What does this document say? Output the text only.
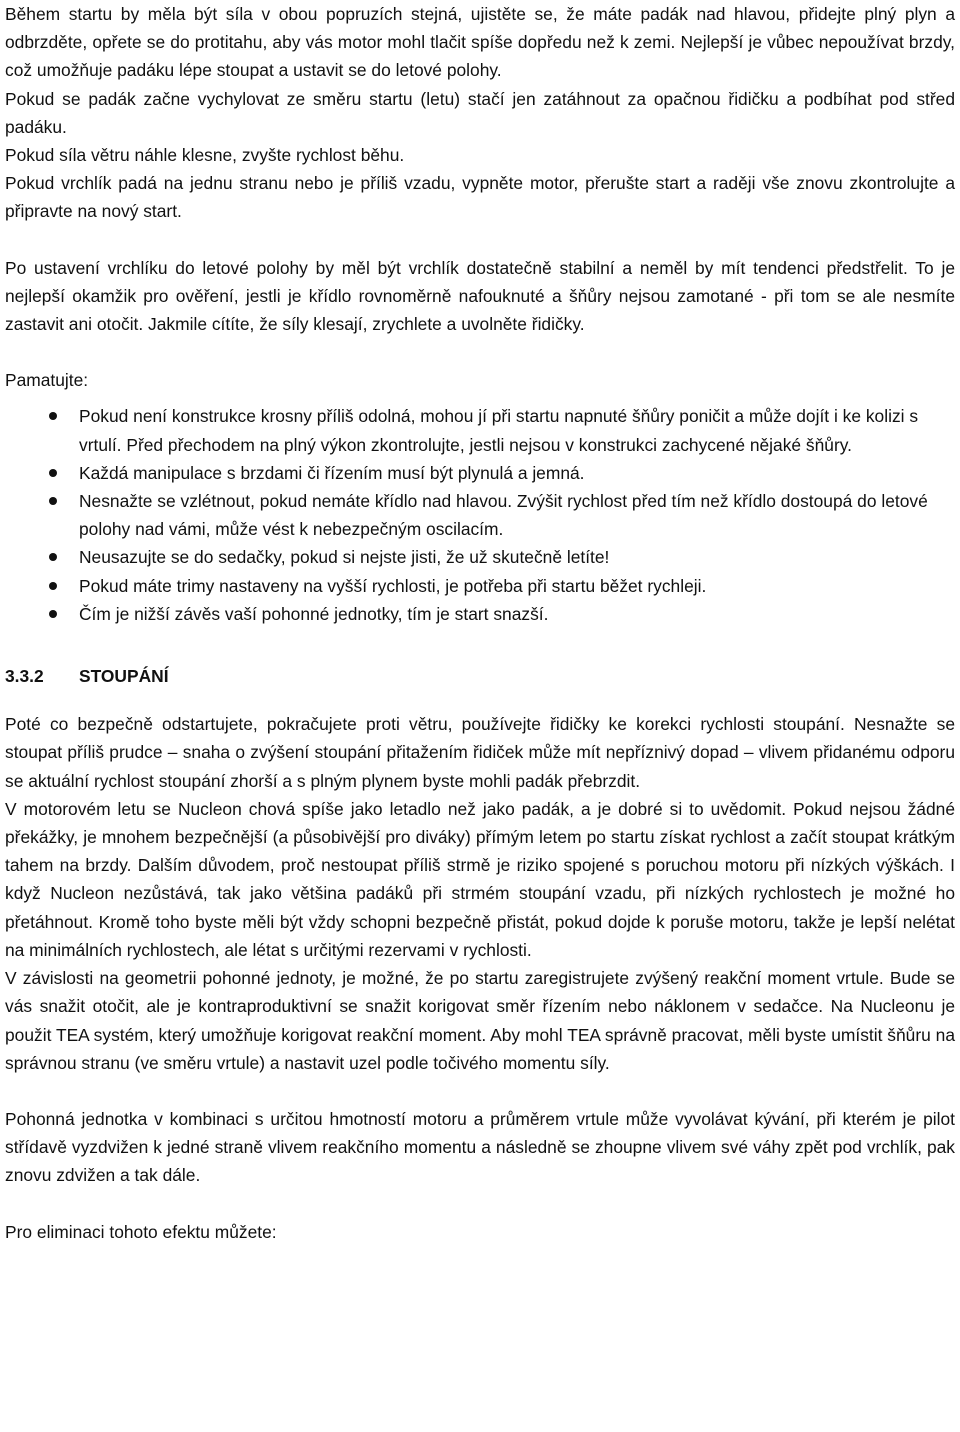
Během startu by měla být síla v obou popruzích stejná, ujistěte se, že máte padák nad hlavou, přidejte plný plyn a odbrzděte, opřete se do protitahu, aby vás motor mohl tlačit spíše dopředu než k zemi. Nejlepší je vůbec nepoužívat brzdy, což umožňuje padáku lépe stoupat a ustavit se do letové polohy.

Pokud se padák začne vychylovat ze směru startu (letu) stačí jen zatáhnout za opačnou řidičku a podbíhat pod střed padáku.

Pokud síla větru náhle klesne, zvyšte rychlost běhu.

Pokud vrchlík padá na jednu stranu nebo je příliš vzadu, vypněte motor, přerušte start a raději vše znovu zkontrolujte a připravte na nový start.

Po ustavení vrchlíku do letové polohy by měl být vrchlík dostatečně stabilní a neměl by mít tendenci předstřelit. To je nejlepší okamžik pro ověření, jestli je křídlo rovnoměrně nafouknuté a šňůry nejsou zamotané - při tom se ale nesmíte zastavit ani otočit. Jakmile cítíte, že síly klesají, zrychlete a uvolněte řidičky.

Pamatujte:

Pokud není konstrukce krosny příliš odolná, mohou jí při startu napnuté šňůry poničit a může dojít i ke kolizi s vrtulí. Před přechodem na plný výkon zkontrolujte, jestli nejsou v konstrukci zachycené nějaké šňůry.
Každá manipulace s brzdami či řízením musí být plynulá a jemná.
Nesnažte se vzlétnout, pokud nemáte křídlo nad hlavou. Zvýšit rychlost před tím než křídlo dostoupá do letové polohy nad vámi, může vést k nebezpečným oscilacím.
Neusazujte se do sedačky, pokud si nejste jisti, že už skutečně letíte!
Pokud máte trimy nastaveny na vyšší rychlosti, je potřeba při startu běžet rychleji.
Čím je nižší závěs vaší pohonné jednotky, tím je start snazší.
3.3.2	STOUPÁNÍ

Poté co bezpečně odstartujete, pokračujete proti větru, používejte řidičky ke korekci rychlosti stoupání. Nesnažte se stoupat příliš prudce – snaha o zvýšení stoupání přitažením řidiček může mít nepříznivý dopad – vlivem přidanému odporu se aktuální rychlost stoupání zhorší a s plným plynem byste mohli padák přebrzdit.

V motorovém letu se Nucleon chová spíše jako letadlo než jako padák, a je dobré si to uvědomit. Pokud nejsou žádné překážky, je mnohem bezpečnější (a působivější pro diváky) přímým letem po startu získat rychlost a začít stoupat krátkým tahem na brzdy. Dalším důvodem, proč nestoupat příliš strmě je riziko spojené s poruchou motoru při nízkých výškách. I když Nucleon nezůstává, tak jako většina padáků při strmém stoupání vzadu, při nízkých rychlostech je možné ho přetáhnout. Kromě toho byste měli být vždy schopni bezpečně přistát, pokud dojde k poruše motoru, takže je lepší nelétat na minimálních rychlostech, ale létat s určitými rezervami v rychlosti.

V závislosti na geometrii pohonné jednoty, je možné, že po startu zaregistrujete zvýšený reakční moment vrtule. Bude se vás snažit otočit, ale je kontraproduktivní se snažit korigovat směr řízením nebo náklonem v sedačce. Na Nucleonu je použit TEA systém, který umožňuje korigovat reakční moment. Aby mohl TEA správně pracovat, měli byste umístit šňůru na správnou stranu (ve směru vrtule) a nastavit uzel podle točivého momentu síly.

Pohonná jednotka v kombinaci s určitou hmotností motoru a průměrem vrtule může vyvolávat kývání, při kterém je pilot střídavě vyzdvižen k jedné straně vlivem reakčního momentu a následně se zhoupne vlivem své váhy zpět pod vrchlík, pak znovu zdvižen a tak dále.

Pro eliminaci tohoto efektu můžete:
